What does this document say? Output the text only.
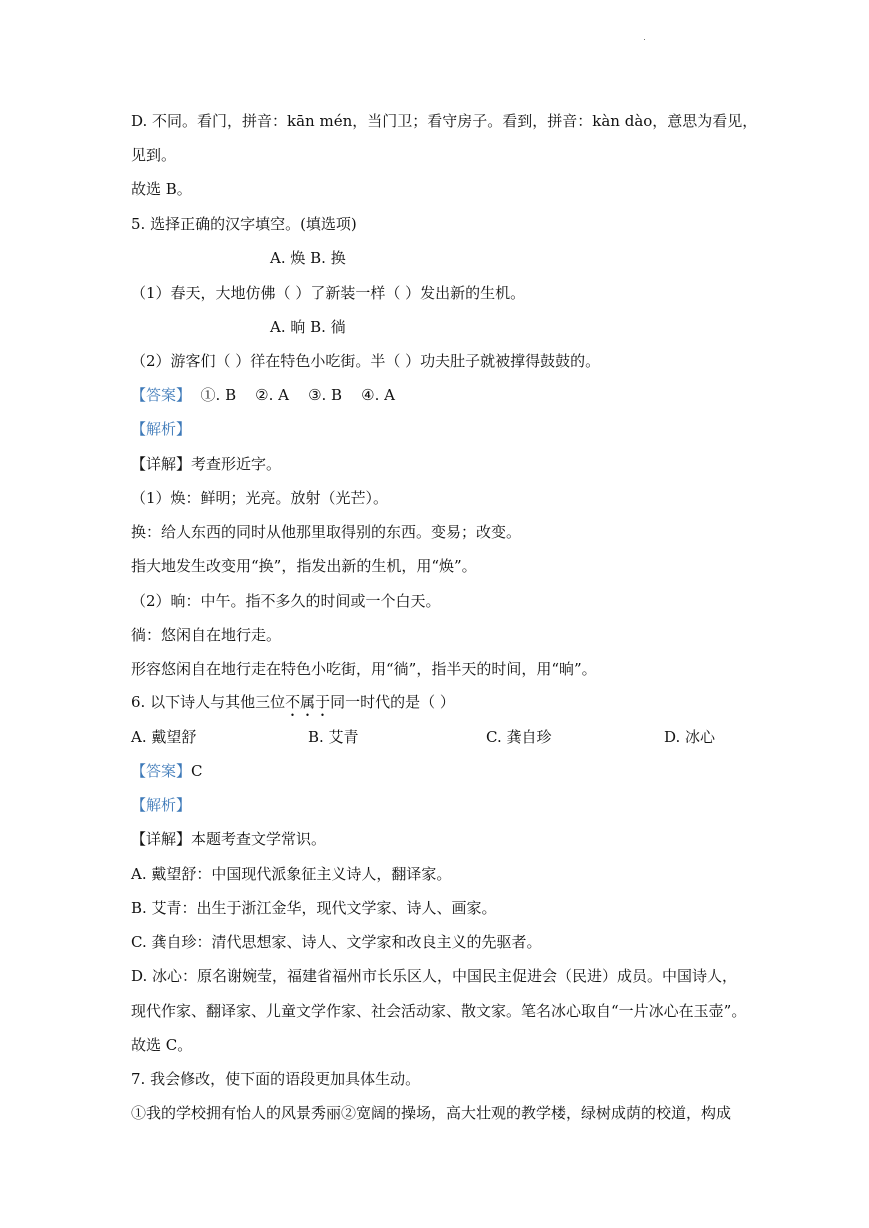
·
D. 不同。看门，拼音：kān mén，当门卫；看守房子。看到，拼音：kàn dào，意思为看见，
见到。
故选 B。
5. 选择正确的汉字填空。(填选项)
A. 焕 B. 换
（1）春天，大地仿佛（ ）了新装一样（ ）发出新的生机。
A. 晌 B. 徜
（2）游客们（ ）徉在特色小吃街。半（ ）功夫肚子就被撑得鼓鼓的。
【答案】  ①. B    ②. A    ③. B    ④. A
【解析】
【详解】考查形近字。
（1）焕：鲜明；光亮。放射（光芒）。
换：给人东西的同时从他那里取得别的东西。变易；改变。
指大地发生改变用“换”，指发出新的生机，用“焕”。
（2）晌：中午。指不多久的时间或一个白天。
徜：悠闲自在地行走。
形容悠闲自在地行走在特色小吃街，用“徜”，指半天的时间，用“晌”。
6. 以下诗人与其他三位不属于同一时代的是（ ）
A. 戴望舒	B. 艾青	C. 龚自珍	D. 冰心
【答案】C
【解析】
【详解】本题考查文学常识。
A. 戴望舒：中国现代派象征主义诗人，翻译家。
B. 艾青：出生于浙江金华，现代文学家、诗人、画家。
C. 龚自珍：清代思想家、诗人、文学家和改良主义的先驱者。
D. 冰心：原名谢婉莹，福建省福州市长乐区人，中国民主促进会（民进）成员。中国诗人，
现代作家、翻译家、儿童文学作家、社会活动家、散文家。笔名冰心取自“一片冰心在玉壶”。
故选 C。
7. 我会修改，使下面的语段更加具体生动。
①我的学校拥有怡人的风景秀丽②宽阔的操场，高大壮观的教学楼，绿树成荫的校道，构成
